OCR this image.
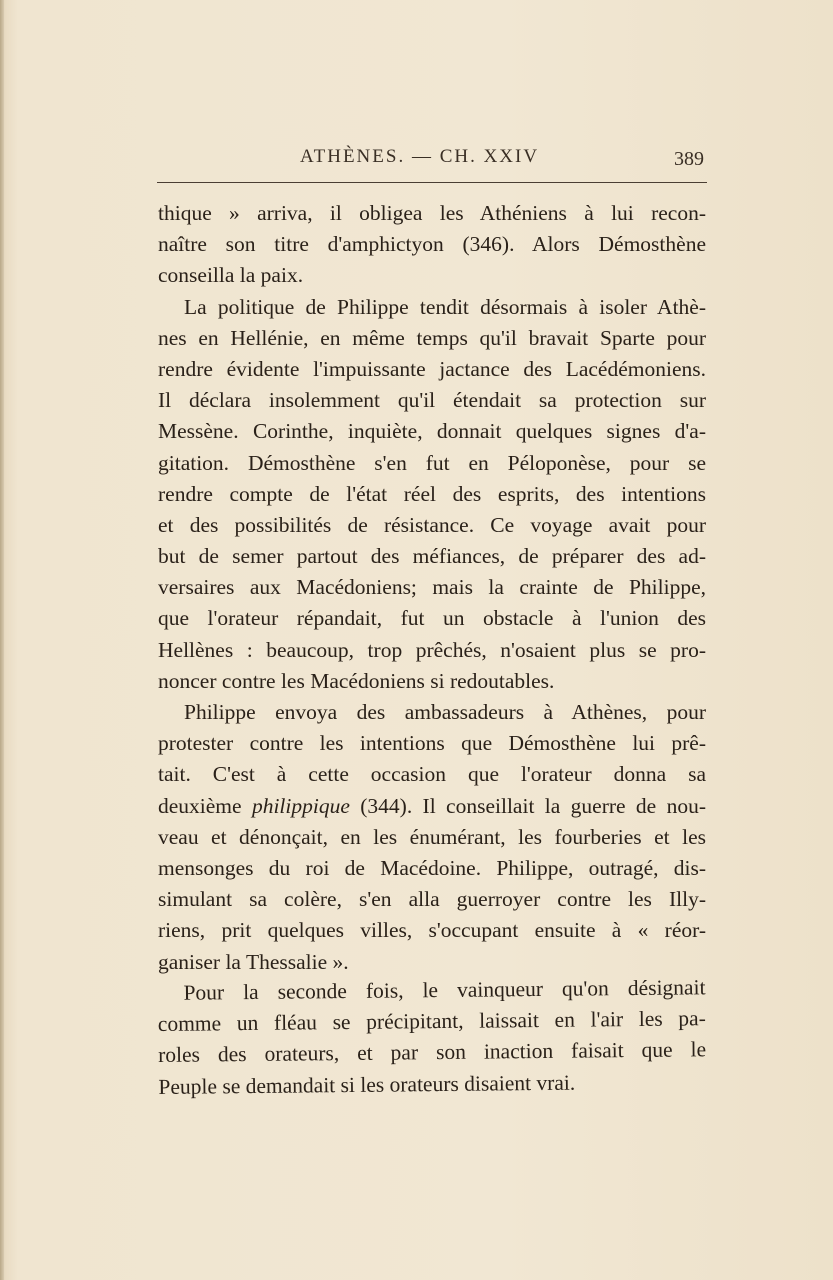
ATHÈNES. — CH. XXIV	389
thique » arriva, il obligea les Athéniens à lui recon-
naître son titre d'amphictyon (346). Alors Démosthène
conseilla la paix.
La politique de Philippe tendit désormais à isoler Athè-
nes en Hellénie, en même temps qu'il bravait Sparte pour
rendre évidente l'impuissante jactance des Lacédémoniens.
Il déclara insolemment qu'il étendait sa protection sur
Messène. Corinthe, inquiète, donnait quelques signes d'a-
gitation. Démosthène s'en fut en Péloponèse, pour se
rendre compte de l'état réel des esprits, des intentions
et des possibilités de résistance. Ce voyage avait pour
but de semer partout des méfiances, de préparer des ad-
versaires aux Macédoniens; mais la crainte de Philippe,
que l'orateur répandait, fut un obstacle à l'union des
Hellènes : beaucoup, trop prêchés, n'osaient plus se pro-
noncer contre les Macédoniens si redoutables.
Philippe envoya des ambassadeurs à Athènes, pour
protester contre les intentions que Démosthène lui prê-
tait. C'est à cette occasion que l'orateur donna sa
deuxième philippique (344). Il conseillait la guerre de nou-
veau et dénonçait, en les énumérant, les fourberies et les
mensonges du roi de Macédoine. Philippe, outragé, dis-
simulant sa colère, s'en alla guerroyer contre les Illy-
riens, prit quelques villes, s'occupant ensuite à « réor-
ganiser la Thessalie ».
Pour la seconde fois, le vainqueur qu'on désignait
comme un fléau se précipitant, laissait en l'air les pa-
roles des orateurs, et par son inaction faisait que le
Peuple se demandait si les orateurs disaient vrai.
